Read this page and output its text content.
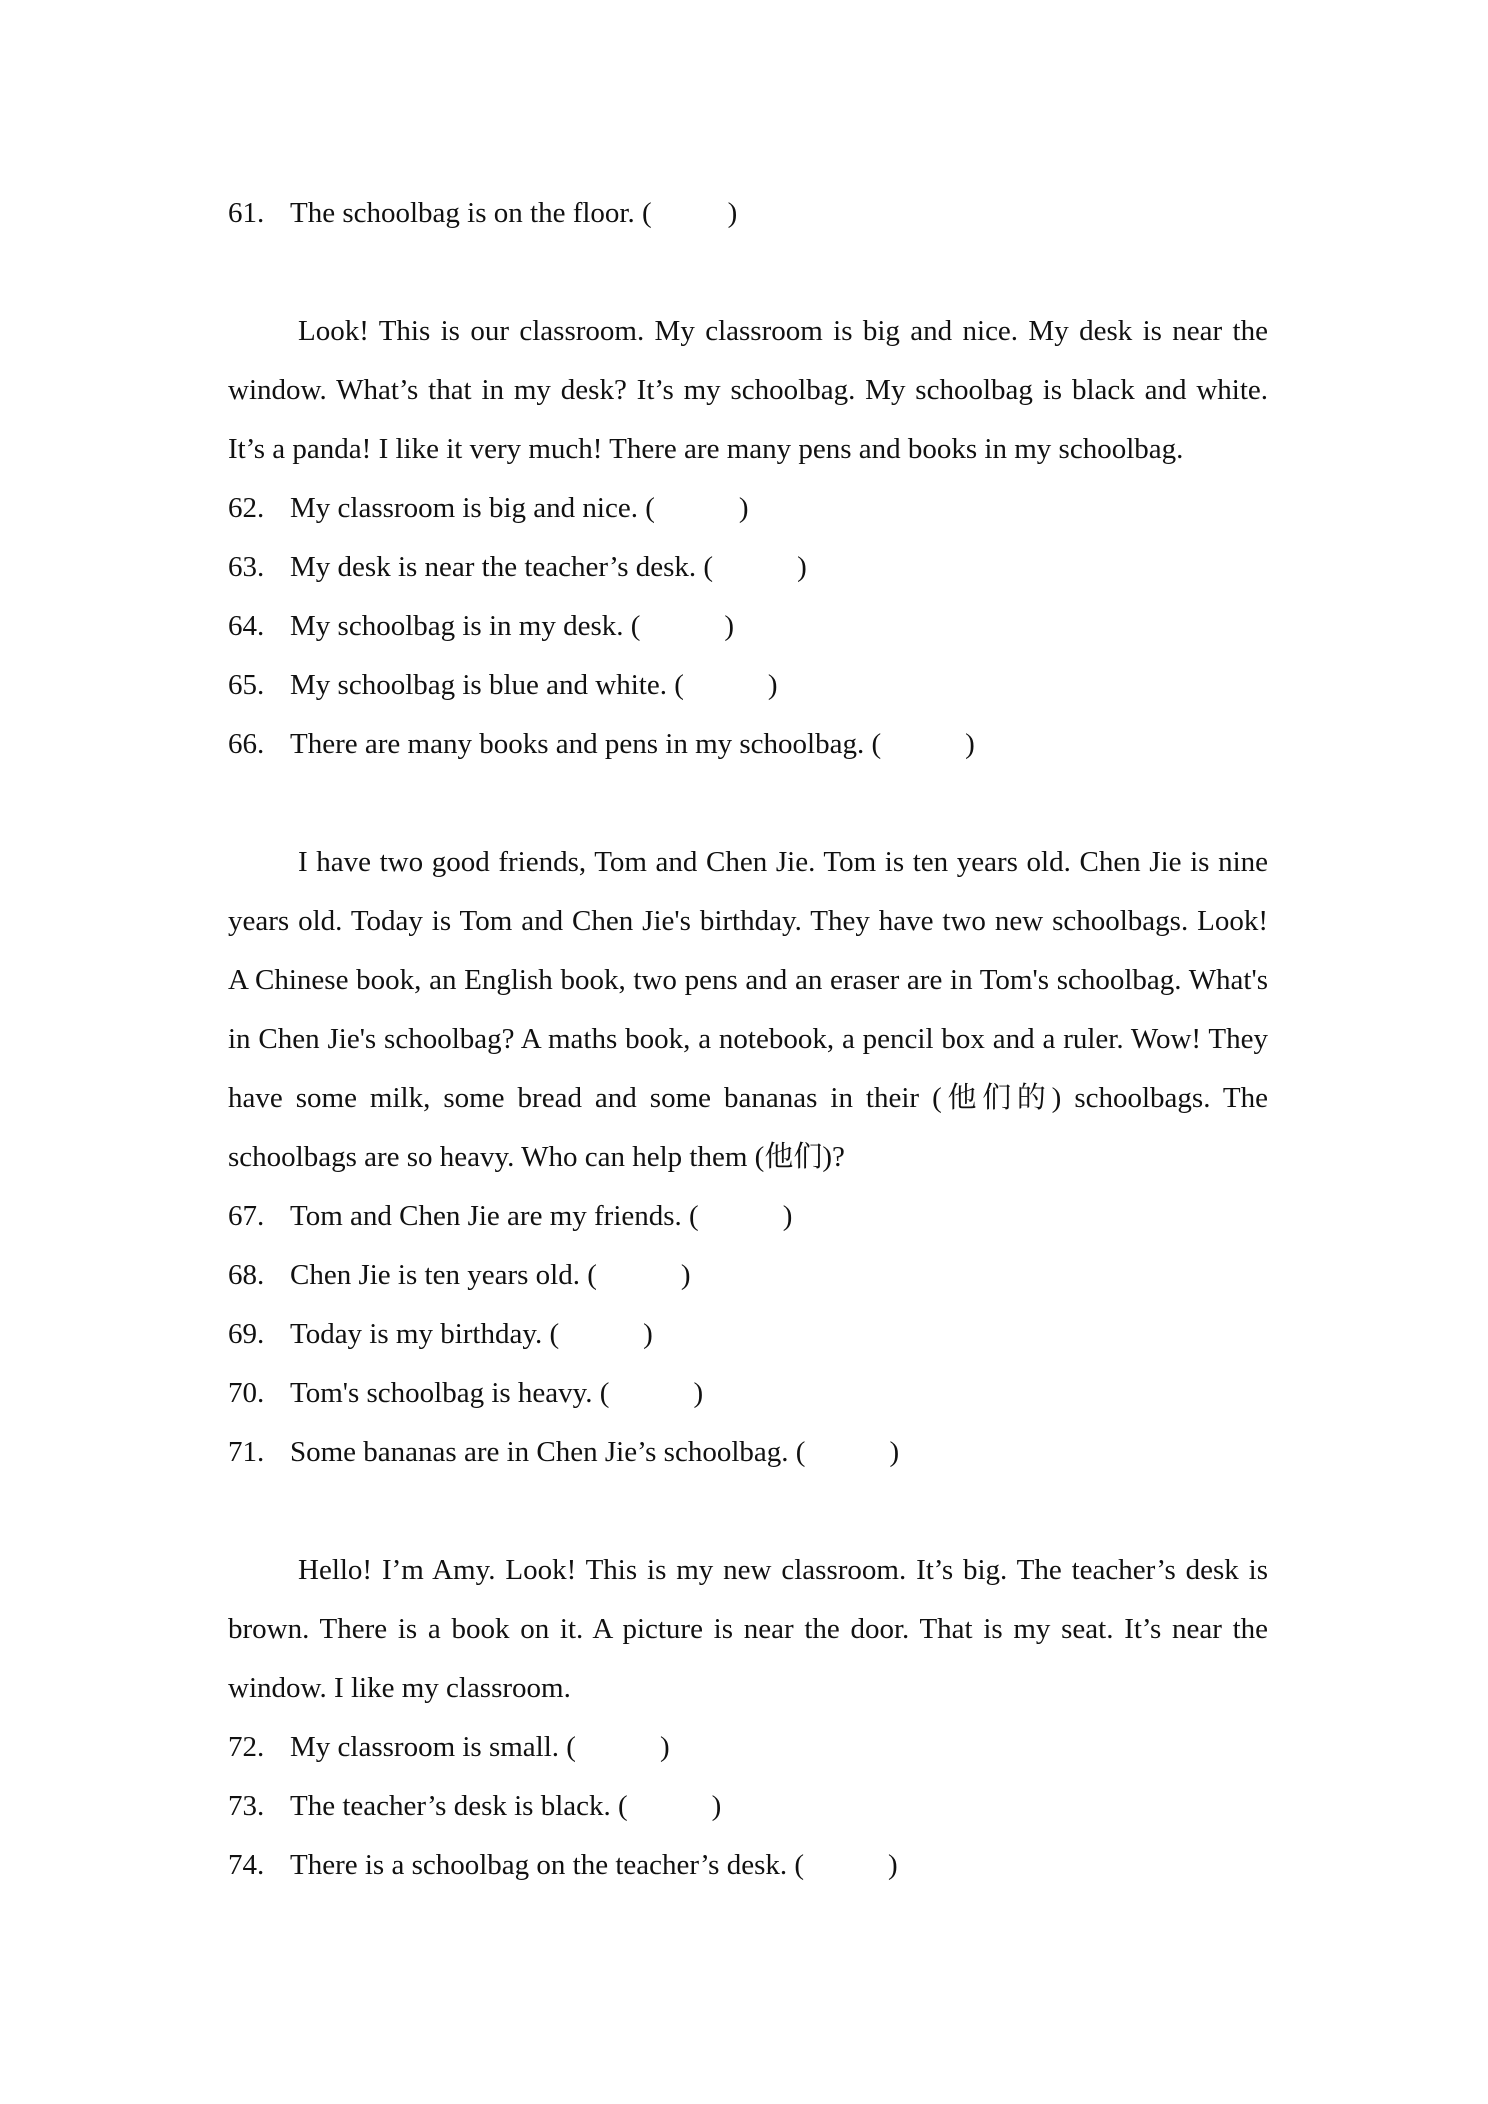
61. The schoolbag is on the floor. (	)

Look! This is our classroom. My classroom is big and nice. My desk is near the window. What’s that in my desk? It’s my schoolbag. My schoolbag is black and white. It’s a panda! I like it very much! There are many pens and books in my schoolbag.

62. My classroom is big and nice. (	)
63. My desk is near the teacher’s desk. (	)
64. My schoolbag is in my desk. (	)
65. My schoolbag is blue and white. (	)
66. There are many books and pens in my schoolbag. (	)

I have two good friends, Tom and Chen Jie. Tom is ten years old. Chen Jie is nine years old. Today is Tom and Chen Jie's birthday. They have two new schoolbags. Look! A Chinese book, an English book, two pens and an eraser are in Tom's schoolbag. What's in Chen Jie's schoolbag? A maths book, a notebook, a pencil box and a ruler. Wow! They have some milk, some bread and some bananas in their (他们的) schoolbags. The schoolbags are so heavy. Who can help them (他们)?

67. Tom and Chen Jie are my friends. (	)
68. Chen Jie is ten years old. (	)
69. Today is my birthday. (	)
70. Tom's schoolbag is heavy. (	)
71. Some bananas are in Chen Jie’s schoolbag. (	)

Hello! I’m Amy. Look! This is my new classroom. It’s big. The teacher’s desk is brown. There is a book on it. A picture is near the door. That is my seat. It’s near the window. I like my classroom.

72. My classroom is small. (	)
73. The teacher’s desk is black. (	)
74. There is a schoolbag on the teacher’s desk. (	)
